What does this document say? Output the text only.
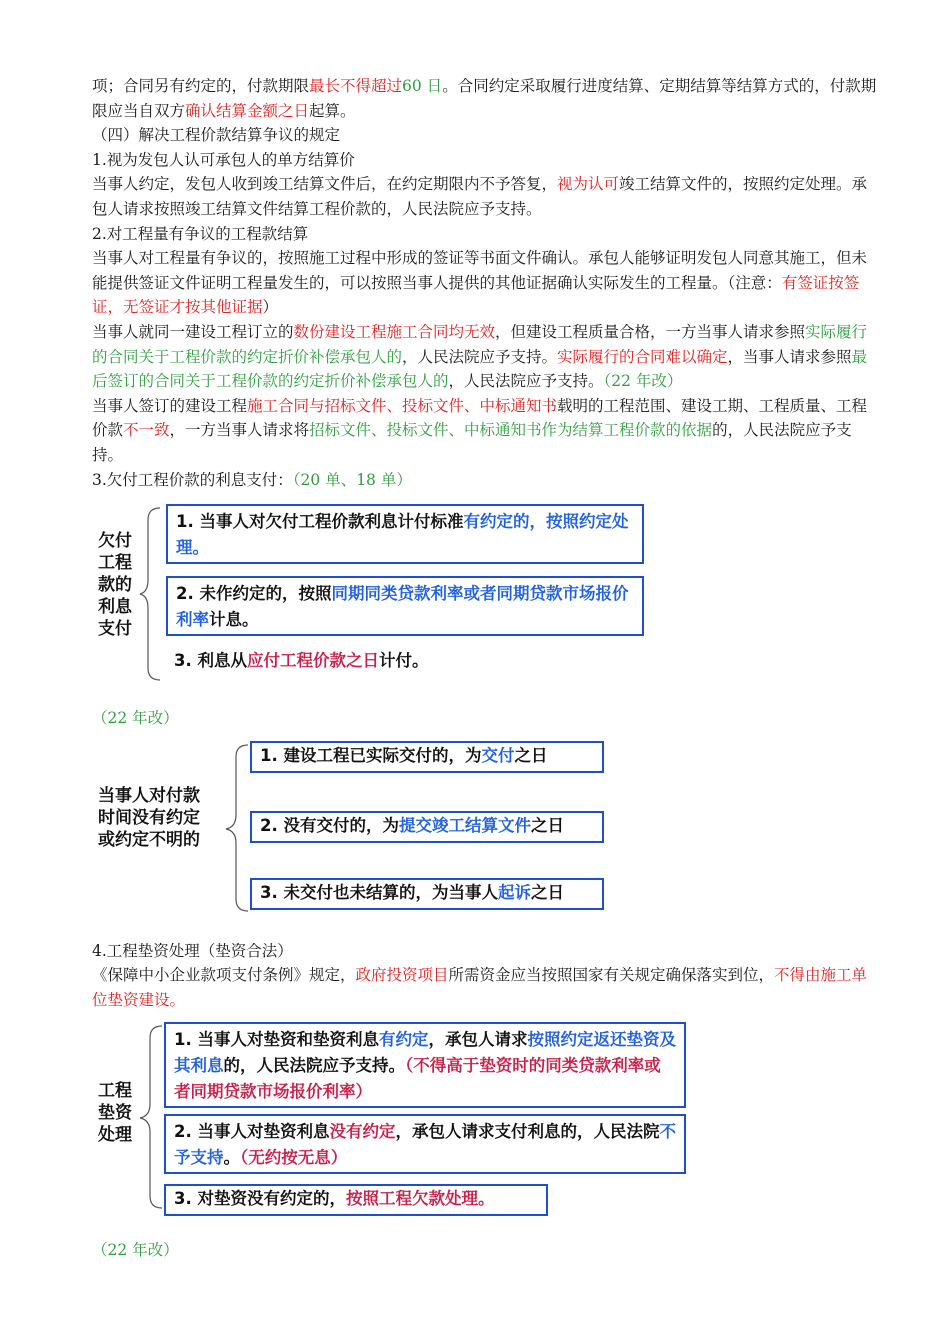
项；合同另有约定的，付款期限最长不得超过60 日。合同约定采取履行进度结算、定期结算等结算方式的，付款期限应当自双方确认结算金额之日起算。

（四）解决工程价款结算争议的规定

1.视为发包人认可承包人的单方结算价

当事人约定，发包人收到竣工结算文件后，在约定期限内不予答复，视为认可竣工结算文件的，按照约定处理。承包人请求按照竣工结算文件结算工程价款的，人民法院应予支持。

2.对工程量有争议的工程款结算

当事人对工程量有争议的，按照施工过程中形成的签证等书面文件确认。承包人能够证明发包人同意其施工，但未能提供签证文件证明工程量发生的，可以按照当事人提供的其他证据确认实际发生的工程量。（注意：有签证按签证，无签证才按其他证据）

当事人就同一建设工程订立的数份建设工程施工合同均无效，但建设工程质量合格，一方当事人请求参照实际履行的合同关于工程价款的约定折价补偿承包人的，人民法院应予支持。实际履行的合同难以确定，当事人请求参照最后签订的合同关于工程价款的约定折价补偿承包人的，人民法院应予支持。（22 年改）

当事人签订的建设工程施工合同与招标文件、投标文件、中标通知书载明的工程范围、建设工期、工程质量、工程价款不一致，一方当事人请求将招标文件、投标文件、中标通知书作为结算工程价款的依据的，人民法院应予支持。

3.欠付工程价款的利息支付：（20 单、18 单）

欠付
工程
款的
利息
支付
1. 当事人对欠付工程价款利息计付标准有约定的，按照约定处理。
2. 未作约定的，按照同期同类贷款利率或者同期贷款市场报价利率计息。
3. 利息从应付工程价款之日计付。

（22 年改）

当事人对付款
时间没有约定
或约定不明的
1. 建设工程已实际交付的，为交付之日
2. 没有交付的，为提交竣工结算文件之日
3. 未交付也未结算的，为当事人起诉之日

4.工程垫资处理（垫资合法）

《保障中小企业款项支付条例》规定，政府投资项目所需资金应当按照国家有关规定确保落实到位，不得由施工单位垫资建设。

工程
垫资
处理
1. 当事人对垫资和垫资利息有约定，承包人请求按照约定返还垫资及其利息的，人民法院应予支持。（不得高于垫资时的同类贷款利率或者同期贷款市场报价利率）
2. 当事人对垫资利息没有约定，承包人请求支付利息的，人民法院不予支持。（无约按无息）
3. 对垫资没有约定的，按照工程欠款处理。

（22 年改）
